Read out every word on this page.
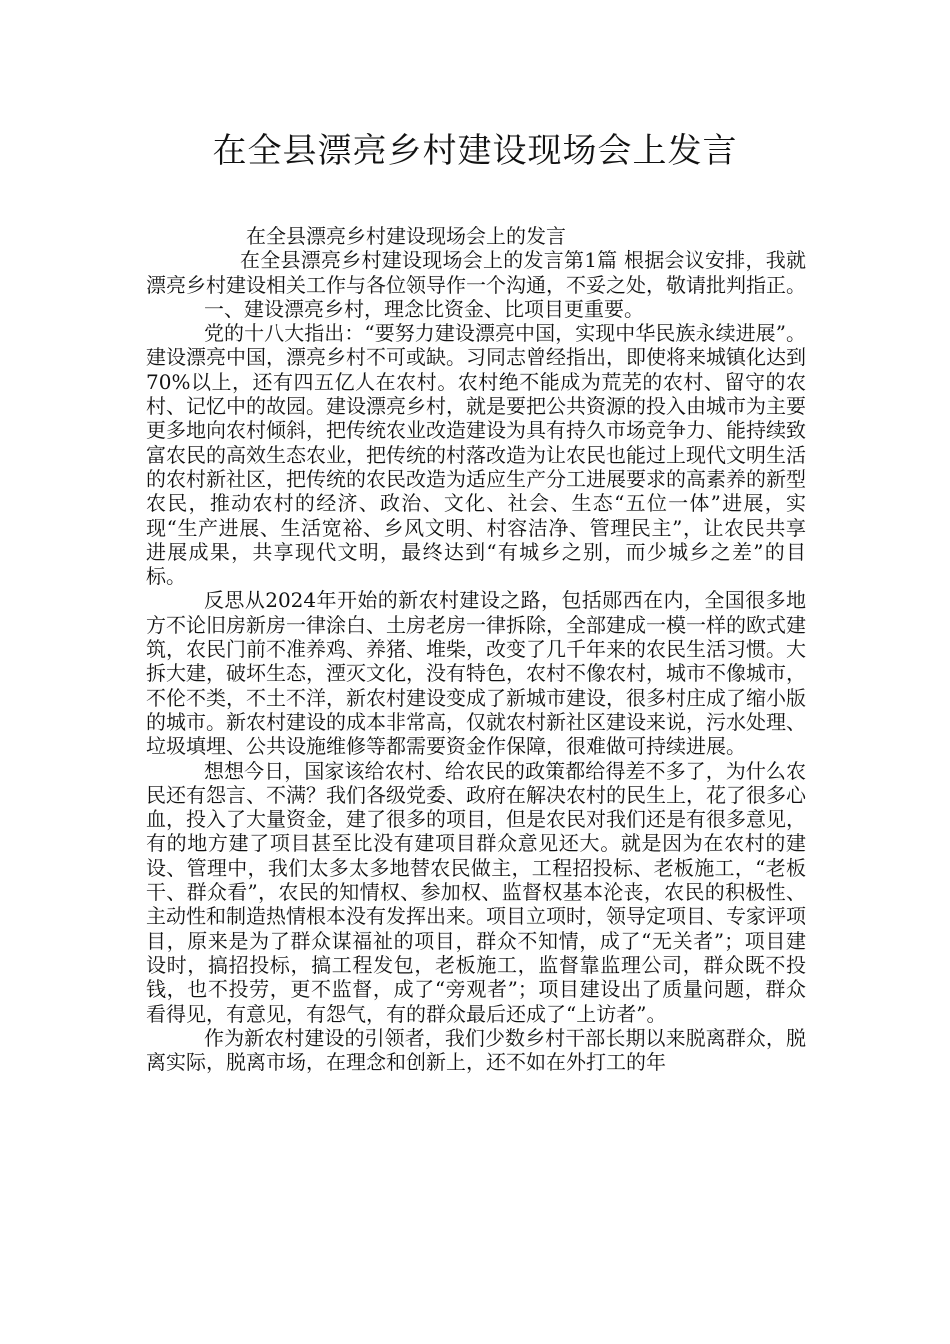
在全县漂亮乡村建设现场会上发言

在全县漂亮乡村建设现场会上的发言

在全县漂亮乡村建设现场会上的发言第1篇 根据会议安排，我就漂亮乡村建设相关工作与各位领导作一个沟通，不妥之处，敬请批判指正。

一、建设漂亮乡村，理念比资金、比项目更重要。

党的十八大指出：“要努力建设漂亮中国，实现中华民族永续进展”。建设漂亮中国，漂亮乡村不可或缺。习同志曾经指出，即使将来城镇化达到70%以上，还有四五亿人在农村。农村绝不能成为荒芜的农村、留守的农村、记忆中的故园。建设漂亮乡村，就是要把公共资源的投入由城市为主要更多地向农村倾斜，把传统农业改造建设为具有持久市场竞争力、能持续致富农民的高效生态农业，把传统的村落改造为让农民也能过上现代文明生活的农村新社区，把传统的农民改造为适应生产分工进展要求的高素养的新型农民，推动农村的经济、政治、文化、社会、生态“五位一体”进展，实现“生产进展、生活宽裕、乡风文明、村容洁净、管理民主”，让农民共享进展成果，共享现代文明，最终达到“有城乡之别，而少城乡之差”的目标。

反思从2024年开始的新农村建设之路，包括郧西在内，全国很多地方不论旧房新房一律涂白、土房老房一律拆除，全部建成一模一样的欧式建筑，农民门前不准养鸡、养猪、堆柴，改变了几千年来的农民生活习惯。大拆大建，破坏生态，湮灭文化，没有特色，农村不像农村，城市不像城市，不伦不类，不土不洋，新农村建设变成了新城市建设，很多村庄成了缩小版的城市。新农村建设的成本非常高，仅就农村新社区建设来说，污水处理、垃圾填埋、公共设施维修等都需要资金作保障，很难做可持续进展。

想想今日，国家该给农村、给农民的政策都给得差不多了，为什么农民还有怨言、不满？我们各级党委、政府在解决农村的民生上，花了很多心血，投入了大量资金，建了很多的项目，但是农民对我们还是有很多意见，有的地方建了项目甚至比没有建项目群众意见还大。就是因为在农村的建设、管理中，我们太多太多地替农民做主，工程招投标、老板施工，“老板干、群众看”，农民的知情权、参加权、监督权基本沦丧，农民的积极性、主动性和制造热情根本没有发挥出来。项目立项时，领导定项目、专家评项目，原来是为了群众谋福祉的项目，群众不知情，成了“无关者”；项目建设时，搞招投标，搞工程发包，老板施工，监督靠监理公司，群众既不投钱，也不投劳，更不监督，成了“旁观者”；项目建设出了质量问题，群众看得见，有意见，有怨气，有的群众最后还成了“上访者”。

作为新农村建设的引领者，我们少数乡村干部长期以来脱离群众，脱离实际，脱离市场，在理念和创新上，还不如在外打工的年
